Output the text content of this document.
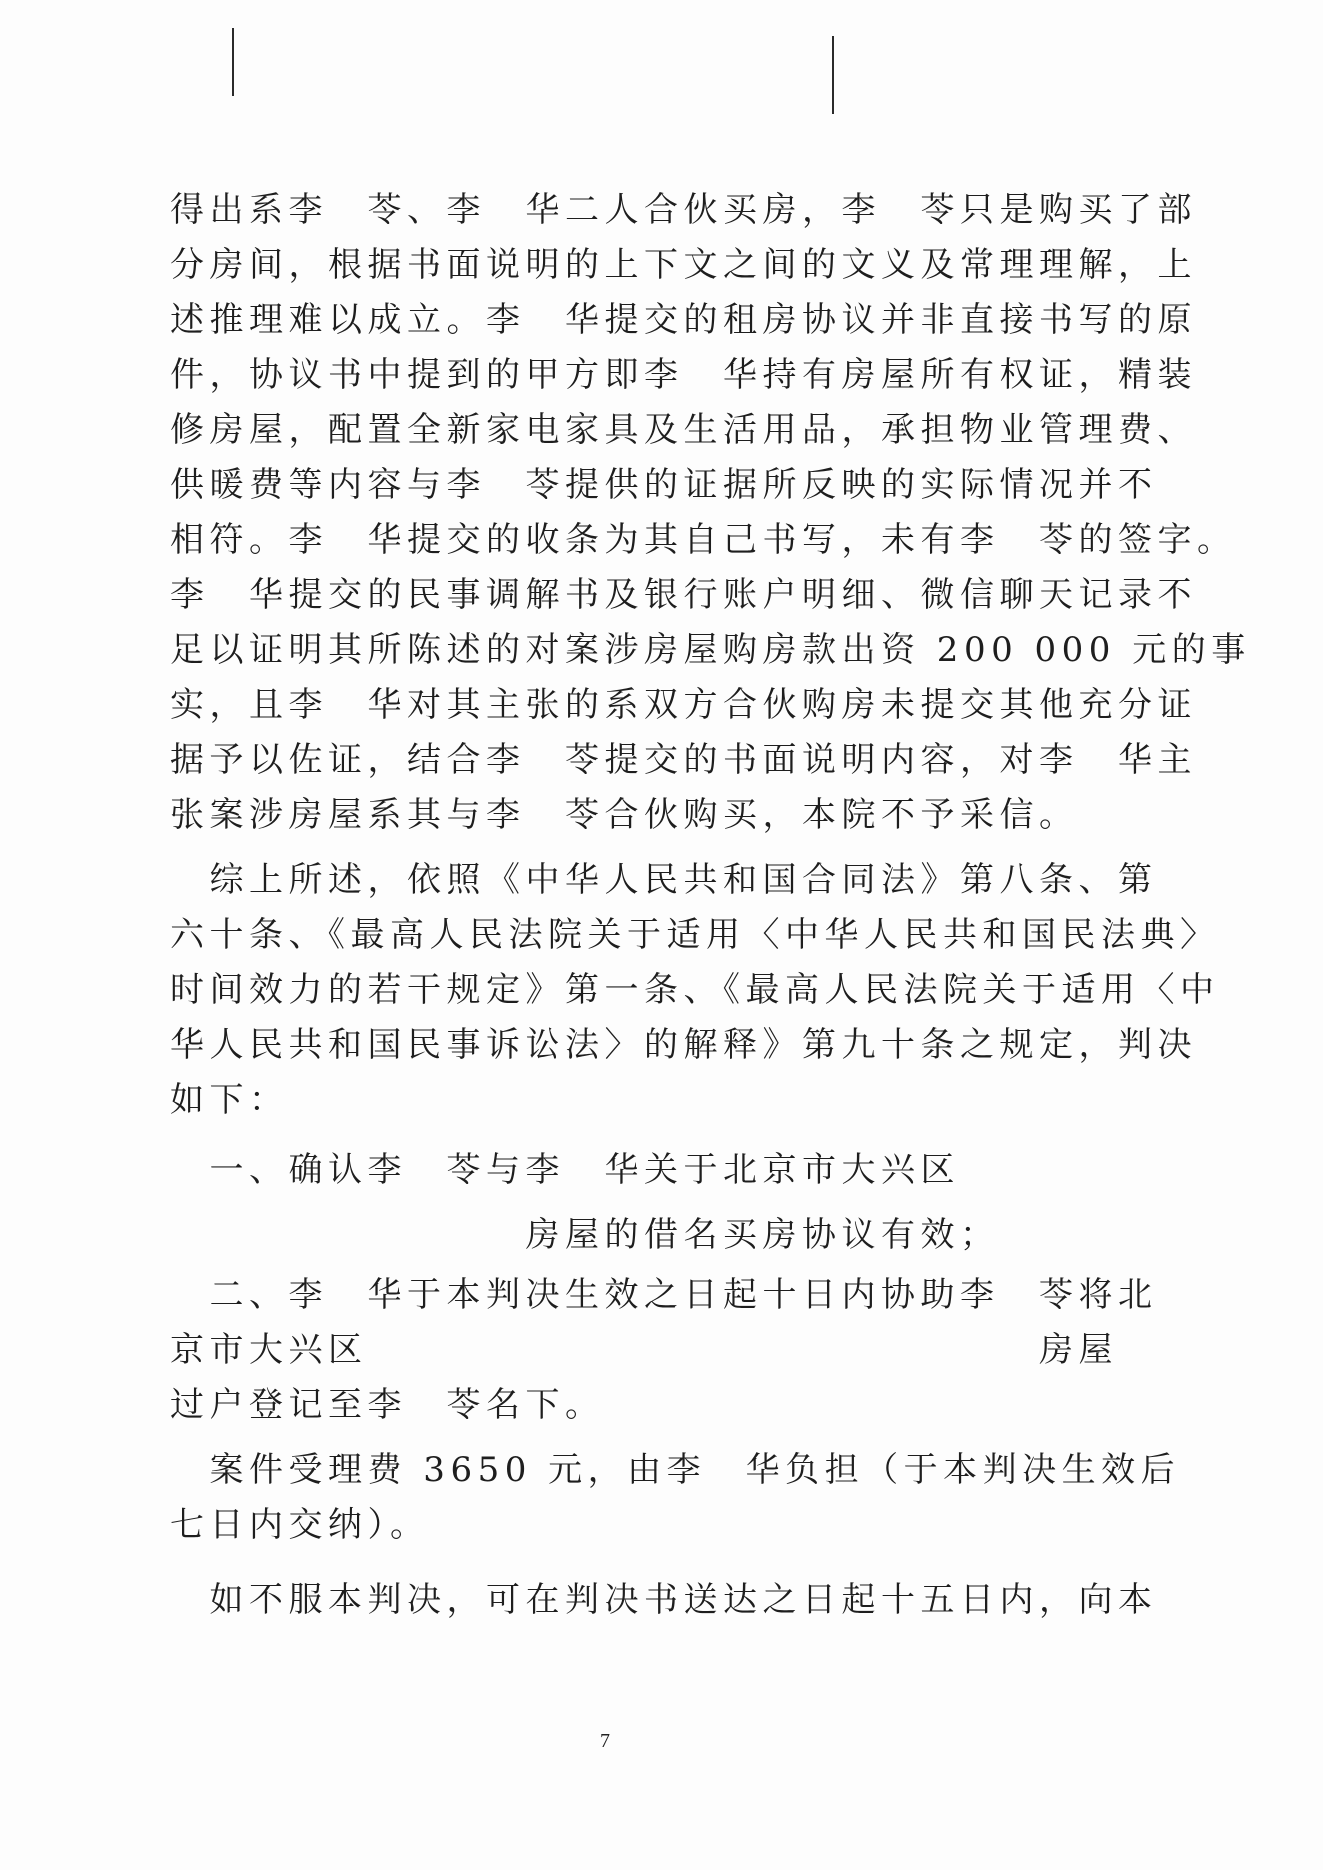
得出系李　苓、李　华二人合伙买房，李　苓只是购买了部
分房间，根据书面说明的上下文之间的文义及常理理解，上
述推理难以成立。李　华提交的租房协议并非直接书写的原
件，协议书中提到的甲方即李　华持有房屋所有权证，精装
修房屋，配置全新家电家具及生活用品，承担物业管理费、
供暖费等内容与李　苓提供的证据所反映的实际情况并不
相符。李　华提交的收条为其自己书写，未有李　苓的签字。
李　华提交的民事调解书及银行账户明细、微信聊天记录不
足以证明其所陈述的对案涉房屋购房款出资 200 000 元的事
实，且李　华对其主张的系双方合伙购房未提交其他充分证
据予以佐证，结合李　苓提交的书面说明内容，对李　华主
张案涉房屋系其与李　苓合伙购买，本院不予采信。
　综上所述，依照《中华人民共和国合同法》第八条、第
六十条、《最高人民法院关于适用〈中华人民共和国民法典〉
时间效力的若干规定》第一条、《最高人民法院关于适用〈中
华人民共和国民事诉讼法〉的解释》第九十条之规定，判决
如下：
　一、确认李　苓与李　华关于北京市大兴区
　　　　　　　　　房屋的借名买房协议有效；
　二、李　华于本判决生效之日起十日内协助李　苓将北
京市大兴区　　　　　　　　　　　　　　　　　房屋
过户登记至李　苓名下。
　案件受理费 3650 元，由李　华负担（于本判决生效后
七日内交纳）。
　如不服本判决，可在判决书送达之日起十五日内，向本
7
